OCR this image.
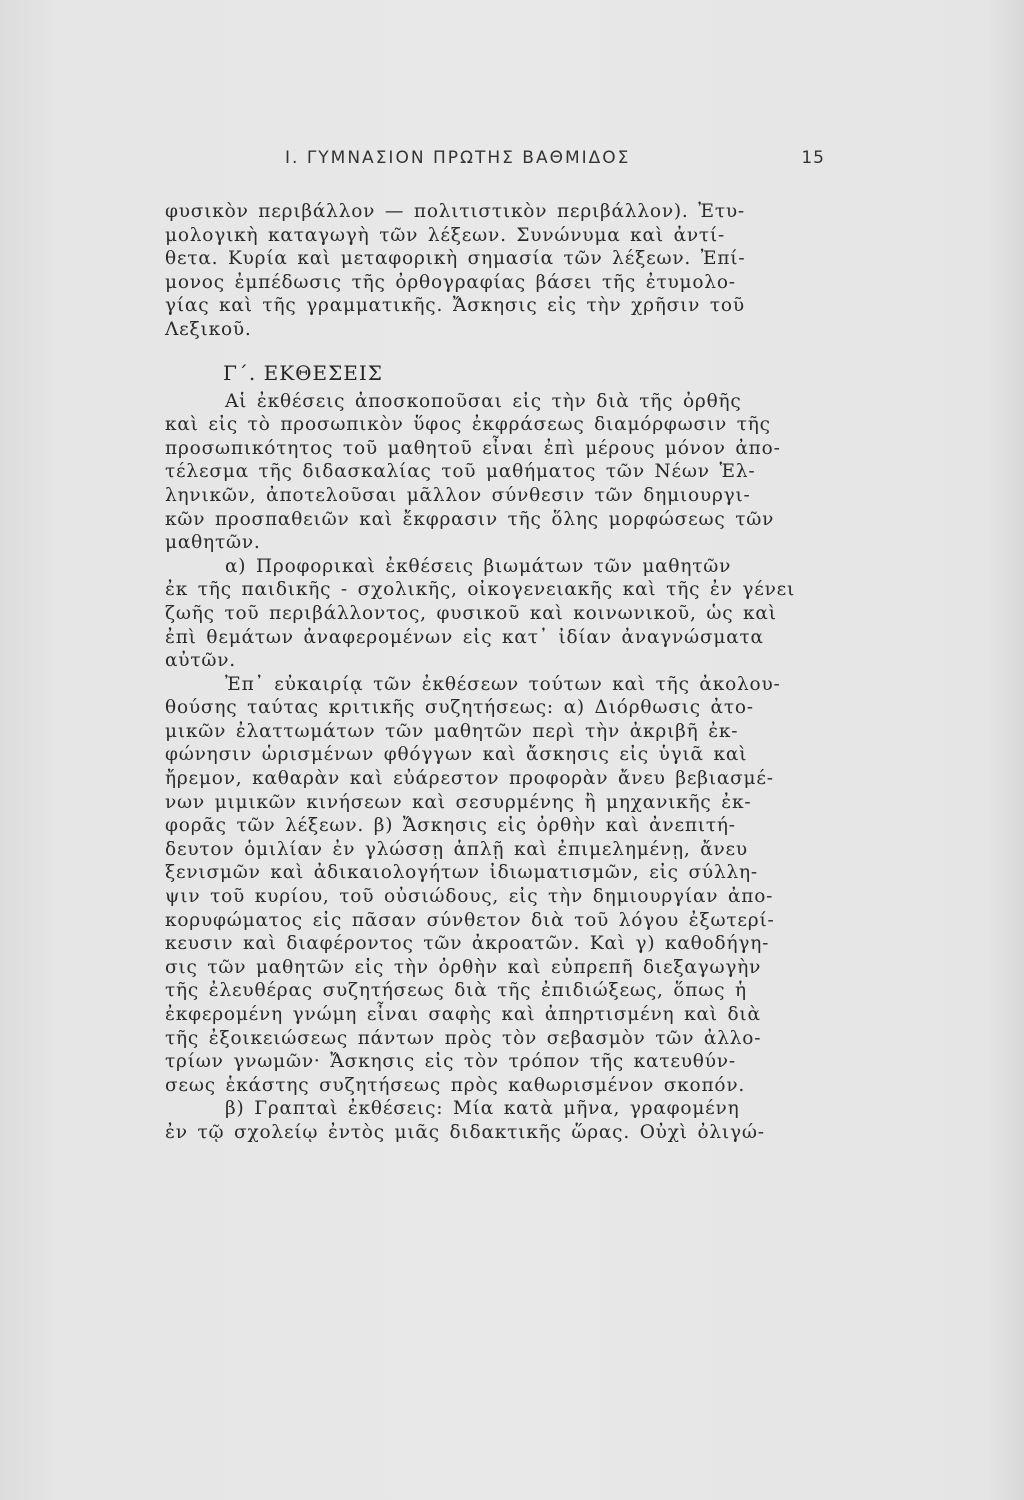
I. ΓΥΜΝΑΣΙΟΝ ΠΡΩΤΗΣ ΒΑΘΜΙΔΟΣ	15
φυσικὸν περιβάλλον — πολιτιστικὸν περιβάλλον). Ἐτυ-
μολογικὴ καταγωγὴ τῶν λέξεων. Συνώνυμα καὶ ἀντί-
θετα. Κυρία καὶ μεταφορικὴ σημασία τῶν λέξεων. Ἐπί-
μονος ἐμπέδωσις τῆς ὀρθογραφίας βάσει τῆς ἐτυμολο-
γίας καὶ τῆς γραμματικῆς. Ἄσκησις εἰς τὴν χρῆσιν τοῦ
Λεξικοῦ.
Γ΄. ΕΚΘΕΣΕΙΣ
Αἱ ἐκθέσεις ἀποσκοποῦσαι εἰς τὴν διὰ τῆς ὀρθῆς
καὶ εἰς τὸ προσωπικὸν ὕφος ἐκφράσεως διαμόρφωσιν τῆς
προσωπικότητος τοῦ μαθητοῦ εἶναι ἐπὶ μέρους μόνον ἀπο-
τέλεσμα τῆς διδασκαλίας τοῦ μαθήματος τῶν Νέων Ἑλ-
ληνικῶν, ἀποτελοῦσαι μᾶλλον σύνθεσιν τῶν δημιουργι-
κῶν προσπαθειῶν καὶ ἔκφρασιν τῆς ὅλης μορφώσεως τῶν
μαθητῶν.
α) Προφορικαὶ ἐκθέσεις βιωμάτων τῶν μαθητῶν
ἐκ τῆς παιδικῆς - σχολικῆς, οἰκογενειακῆς καὶ τῆς ἐν γένει
ζωῆς τοῦ περιβάλλοντος, φυσικοῦ καὶ κοινωνικοῦ, ὡς καὶ
ἐπὶ θεμάτων ἀναφερομένων εἰς κατ᾽ ἰδίαν ἀναγνώσματα
αὐτῶν.
Ἐπ᾽ εὐκαιρίᾳ τῶν ἐκθέσεων τούτων καὶ τῆς ἀκολου-
θούσης ταύτας κριτικῆς συζητήσεως: α) Διόρθωσις ἀτο-
μικῶν ἐλαττωμάτων τῶν μαθητῶν περὶ τὴν ἀκριβῆ ἐκ-
φώνησιν ὡρισμένων φθόγγων καὶ ἄσκησις εἰς ὑγιᾶ καὶ
ἤρεμον, καθαρὰν καὶ εὐάρεστον προφορὰν ἄνευ βεβιασμέ-
νων μιμικῶν κινήσεων καὶ σεσυρμένης ἢ μηχανικῆς ἐκ-
φορᾶς τῶν λέξεων. β) Ἄσκησις εἰς ὀρθὴν καὶ ἀνεπιτή-
δευτον ὁμιλίαν ἐν γλώσσῃ ἁπλῇ καὶ ἐπιμελημένῃ, ἄνευ
ξενισμῶν καὶ ἀδικαιολογήτων ἰδιωματισμῶν, εἰς σύλλη-
ψιν τοῦ κυρίου, τοῦ οὐσιώδους, εἰς τὴν δημιουργίαν ἀπο-
κορυφώματος εἰς πᾶσαν σύνθετον διὰ τοῦ λόγου ἐξωτερί-
κευσιν καὶ διαφέροντος τῶν ἀκροατῶν. Καὶ γ) καθοδήγη-
σις τῶν μαθητῶν εἰς τὴν ὀρθὴν καὶ εὐπρεπῆ διεξαγωγὴν
τῆς ἐλευθέρας συζητήσεως διὰ τῆς ἐπιδιώξεως, ὅπως ἡ
ἐκφερομένη γνώμη εἶναι σαφὴς καὶ ἀπηρτισμένη καὶ διὰ
τῆς ἐξοικειώσεως πάντων πρὸς τὸν σεβασμὸν τῶν ἀλλο-
τρίων γνωμῶν· Ἄσκησις εἰς τὸν τρόπον τῆς κατευθύν-
σεως ἑκάστης συζητήσεως πρὸς καθωρισμένον σκοπόν.
β) Γραπταὶ ἐκθέσεις: Μία κατὰ μῆνα, γραφομένη
ἐν τῷ σχολείῳ ἐντὸς μιᾶς διδακτικῆς ὥρας. Οὐχὶ ὀλιγώ-
